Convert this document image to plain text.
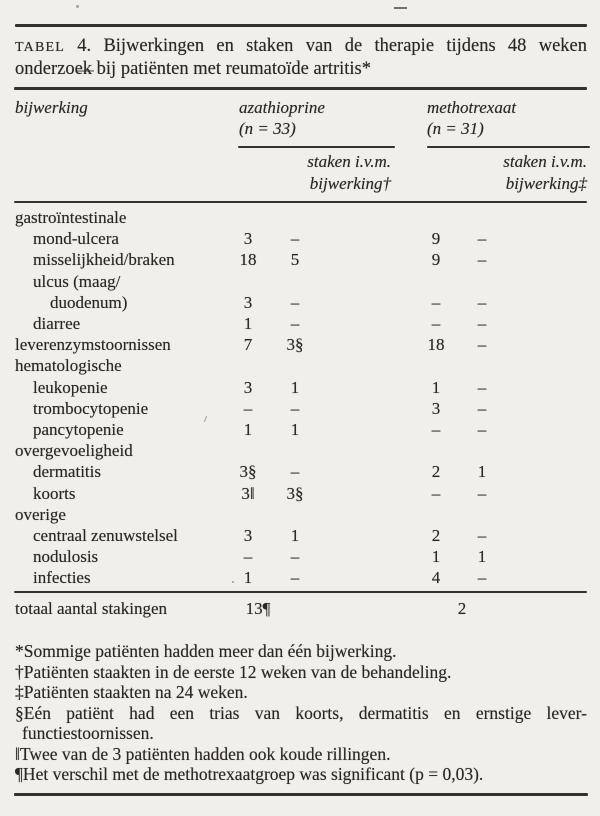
TABEL 4. Bijwerkingen en staken van de therapie tijdens 48 weken
onderzoek bij patiënten met reumatoïde artritis*
bijwerking	azathioprine
(n = 33)
methotrexaat
(n = 31)
staken i.v.m.
bijwerking†
staken i.v.m.
bijwerking‡
gastroïntestinale
mond-ulcera	3	–	9	–
misselijkheid/braken	18	5	9	–
ulcus (maag/
duodenum)	3	–	–	–
diarree	1	–	–	–
leverenzymstoornissen	7	3§	18	–
hematologische
leukopenie	3	1	1	–
trombocytopenie	–	–	3	–
pancytopenie	1	1	–	–
overgevoeligheid
dermatitis	3§	–	2	1
koorts	3‖	3§	–	–
overige
centraal zenuwstelsel	3	1	2	–
nodulosis	–	–	1	1
infecties	1	–	4	–
totaal aantal stakingen	13¶	2
*Sommige patiënten hadden meer dan één bijwerking.
†Patiënten staakten in de eerste 12 weken van de behandeling.
‡Patiënten staakten na 24 weken.
§Eén patiënt had een trias van koorts, dermatitis en ernstige lever-
functiestoornissen.
‖Twee van de 3 patiënten hadden ook koude rillingen.
¶Het verschil met de methotrexaatgroep was significant (p = 0,03).
